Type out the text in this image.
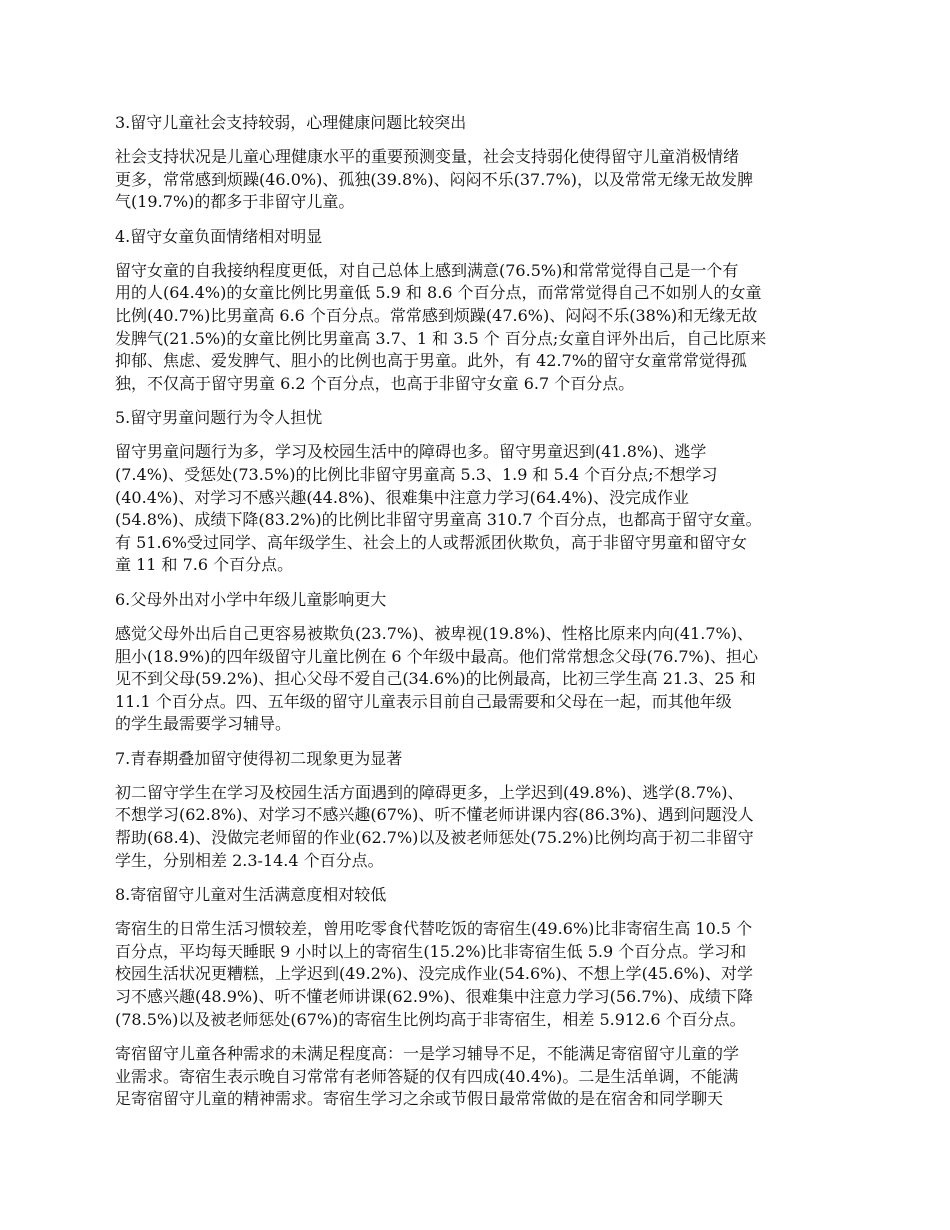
3.留守儿童社会支持较弱，心理健康问题比较突出
社会支持状况是儿童心理健康水平的重要预测变量，社会支持弱化使得留守儿童消极情绪
更多，常常感到烦躁(46.0%)、孤独(39.8%)、闷闷不乐(37.7%)，以及常常无缘无故发脾
气(19.7%)的都多于非留守儿童。
4.留守女童负面情绪相对明显
留守女童的自我接纳程度更低，对自己总体上感到满意(76.5%)和常常觉得自己是一个有
用的人(64.4%)的女童比例比男童低 5.9 和 8.6 个百分点，而常常觉得自己不如别人的女童
比例(40.7%)比男童高 6.6 个百分点。常常感到烦躁(47.6%)、闷闷不乐(38%)和无缘无故
发脾气(21.5%)的女童比例比男童高 3.7、1 和 3.5 个 百分点;女童自评外出后，自己比原来
抑郁、焦虑、爱发脾气、胆小的比例也高于男童。此外，有 42.7%的留守女童常常觉得孤
独，不仅高于留守男童 6.2 个百分点，也高于非留守女童 6.7 个百分点。
5.留守男童问题行为令人担忧
留守男童问题行为多，学习及校园生活中的障碍也多。留守男童迟到(41.8%)、逃学
(7.4%)、受惩处(73.5%)的比例比非留守男童高 5.3、1.9 和 5.4 个百分点;不想学习
(40.4%)、对学习不感兴趣(44.8%)、很难集中注意力学习(64.4%)、没完成作业
(54.8%)、成绩下降(83.2%)的比例比非留守男童高 310.7 个百分点，也都高于留守女童。
有 51.6%受过同学、高年级学生、社会上的人或帮派团伙欺负，高于非留守男童和留守女
童 11 和 7.6 个百分点。
6.父母外出对小学中年级儿童影响更大
感觉父母外出后自己更容易被欺负(23.7%)、被卑视(19.8%)、性格比原来内向(41.7%)、
胆小(18.9%)的四年级留守儿童比例在 6 个年级中最高。他们常常想念父母(76.7%)、担心
见不到父母(59.2%)、担心父母不爱自己(34.6%)的比例最高，比初三学生高 21.3、25 和
11.1 个百分点。四、五年级的留守儿童表示目前自己最需要和父母在一起，而其他年级
的学生最需要学习辅导。
7.青春期叠加留守使得初二现象更为显著
初二留守学生在学习及校园生活方面遇到的障碍更多，上学迟到(49.8%)、逃学(8.7%)、
不想学习(62.8%)、对学习不感兴趣(67%)、听不懂老师讲课内容(86.3%)、遇到问题没人
帮助(68.4)、没做完老师留的作业(62.7%)以及被老师惩处(75.2%)比例均高于初二非留守
学生，分别相差 2.3-14.4 个百分点。
8.寄宿留守儿童对生活满意度相对较低
寄宿生的日常生活习惯较差，曾用吃零食代替吃饭的寄宿生(49.6%)比非寄宿生高 10.5 个
百分点，平均每天睡眠 9 小时以上的寄宿生(15.2%)比非寄宿生低 5.9 个百分点。学习和
校园生活状况更糟糕，上学迟到(49.2%)、没完成作业(54.6%)、不想上学(45.6%)、对学
习不感兴趣(48.9%)、听不懂老师讲课(62.9%)、很难集中注意力学习(56.7%)、成绩下降
(78.5%)以及被老师惩处(67%)的寄宿生比例均高于非寄宿生，相差 5.912.6 个百分点。
寄宿留守儿童各种需求的未满足程度高：一是学习辅导不足，不能满足寄宿留守儿童的学
业需求。寄宿生表示晚自习常常有老师答疑的仅有四成(40.4%)。二是生活单调，不能满
足寄宿留守儿童的精神需求。寄宿生学习之余或节假日最常常做的是在宿舍和同学聊天
